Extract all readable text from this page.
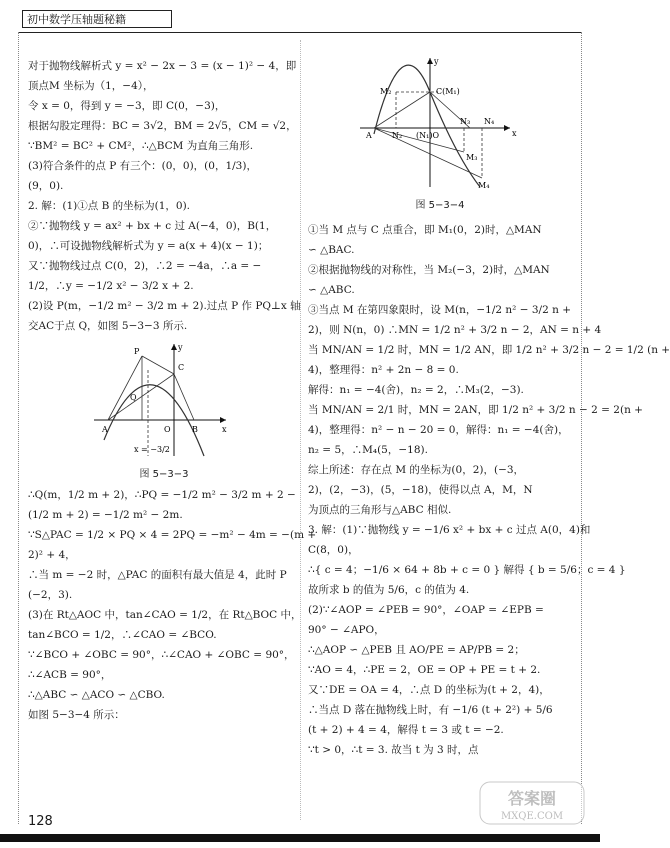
初中数学压轴题秘籍
M₂	C(M₁)
A	N₂ (N₁)O
N₃ N₄
M₃
M₄
x
y
图 5−3−4

对于抛物线解析式 y = x² − 2x − 3 = (x − 1)² − 4，即

顶点M 坐标为（1，−4），

令 x = 0，得到 y = −3，即 C(0，−3)，

根据勾股定理得：BC = 3√2，BM = 2√5，CM = √2，

∵BM² = BC² + CM²，∴△BCM 为直角三角形.

(3)符合条件的点 P 有三个：(0，0)，(0，1/3)，

(9，0).

2. 解：(1)①点 B 的坐标为(1，0).

②∵抛物线 y = ax² + bx + c 过 A(−4，0)，B(1，

0)，∴可设抛物线解析式为 y = a(x + 4)(x − 1)；

又∵抛物线过点 C(0，2)，∴2 = −4a，∴a = −

1/2，∴y = −1/2 x² − 3/2 x + 2.

(2)设 P(m，−1/2 m² − 3/2 m + 2).过点 P 作 PQ⊥x 轴

交AC于点 Q，如图 5−3−3 所示.

P
C
Q
O	B
A	x
y
x = −3/2
图 5−3−3

∴Q(m，1/2 m + 2)，∴PQ = −1/2 m² − 3/2 m + 2 −

(1/2 m + 2) = −1/2 m² − 2m.

∵S△PAC = 1/2 × PQ × 4 = 2PQ = −m² − 4m = −(m +

2)² + 4，

∴当 m = −2 时，△PAC 的面积有最大值是 4，此时 P

(−2，3).

(3)在 Rt△AOC 中，tan∠CAO = 1/2，在 Rt△BOC 中，

tan∠BCO = 1/2，∴∠CAO = ∠BCO.

∵∠BCO + ∠OBC = 90°，∴∠CAO + ∠OBC = 90°，

∴∠ACB = 90°，

∴△ABC ∽ △ACO ∽ △CBO.

如图 5−3−4 所示：

①当 M 点与 C 点重合，即 M₁(0，2)时，△MAN

∽ △BAC.

②根据抛物线的对称性，当 M₂(−3，2)时，△MAN

∽ △ABC.

③当点 M 在第四象限时，设 M(n，−1/2 n² − 3/2 n +

2)，则 N(n，0) ∴MN = 1/2 n² + 3/2 n − 2，AN = n + 4

当 MN/AN = 1/2 时，MN = 1/2 AN，即 1/2 n² + 3/2 n − 2 = 1/2 (n +

4)，整理得：n² + 2n − 8 = 0.

解得：n₁ = −4(舍)，n₂ = 2，∴M₃(2，−3).

当 MN/AN = 2/1 时，MN = 2AN，即 1/2 n² + 3/2 n − 2 = 2(n +

4)，整理得：n² − n − 20 = 0，解得：n₁ = −4(舍)，

n₂ = 5，∴M₄(5，−18).

综上所述：存在点 M 的坐标为(0，2)，(−3，

2)，(2，−3)，(5，−18)，使得以点 A，M，N

为顶点的三角形与△ABC 相似.

3. 解：(1)∵抛物线 y = −1/6 x² + bx + c 过点 A(0，4)和

C(8，0)，

∴{ c = 4；−1/6 × 64 + 8b + c = 0 } 解得 { b = 5/6；c = 4 }

故所求 b 的值为 5/6，c 的值为 4.

(2)∵∠AOP = ∠PEB = 90°，∠OAP = ∠EPB =

90° − ∠APO，

∴△AOP ∽ △PEB 且 AO/PE = AP/PB = 2；

∵AO = 4，∴PE = 2，OE = OP + PE = t + 2.

又∵DE = OA = 4，∴点 D 的坐标为(t + 2，4)，

∴当点 D 落在抛物线上时，有 −1/6 (t + 2²) + 5/6

(t + 2) + 4 = 4，解得 t = 3 或 t = −2.

∵t > 0，∴t = 3. 故当 t 为 3 时，点

128
答案圈
MXQE.COM
